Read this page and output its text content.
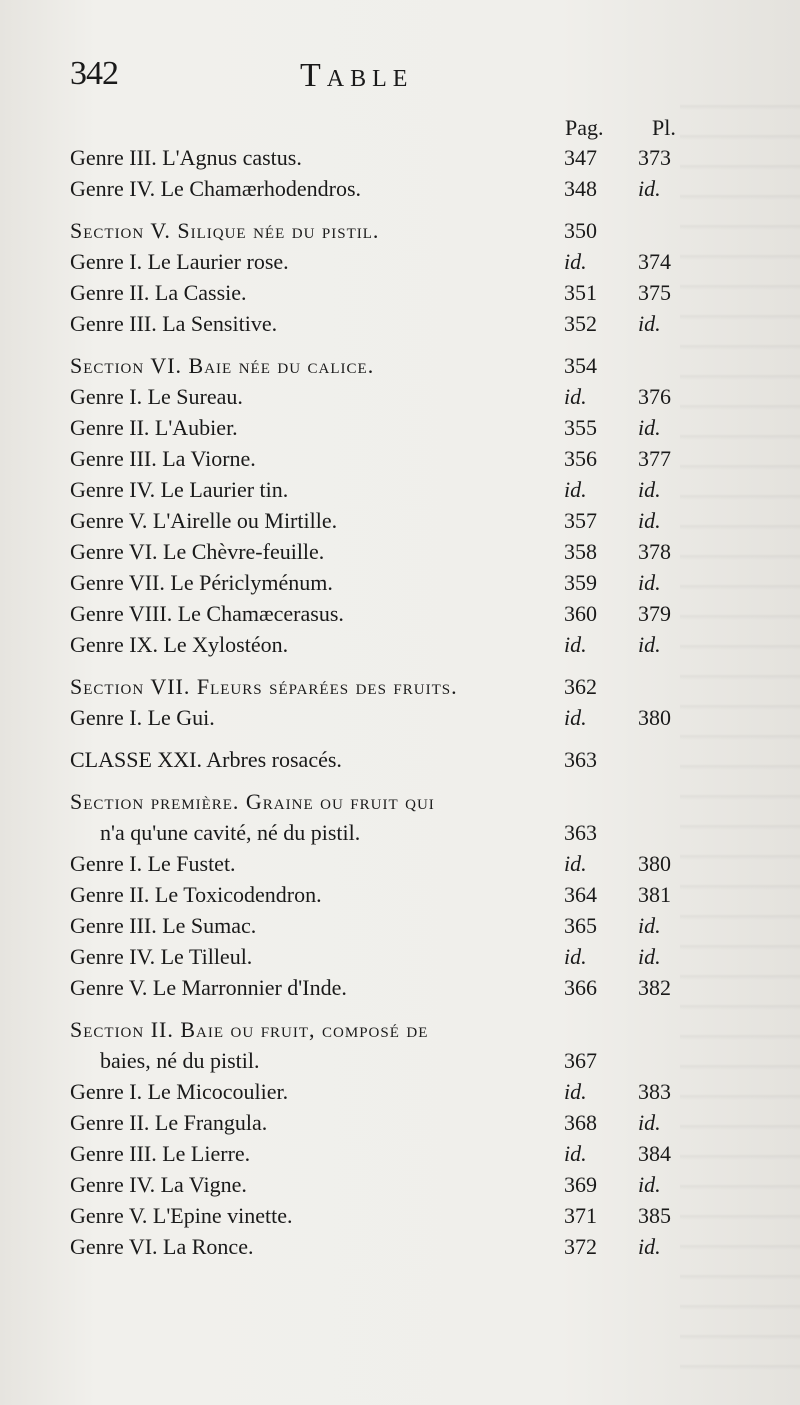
342	Table
Pag. Pl.
Genre III. L'Agnus castus.	347	373
Genre IV. Le Chamærhodendros.	348	id.
Section V. Silique née du pistil.	350
Genre I. Le Laurier rose.	id.	374
Genre II. La Cassie.	351	375
Genre III. La Sensitive.	352	id.
Section VI. Baie née du calice.	354
Genre I. Le Sureau.	id.	376
Genre II. L'Aubier.	355	id.
Genre III. La Viorne.	356	377
Genre IV. Le Laurier tin.	id.	id.
Genre V. L'Airelle ou Mirtille.	357	id.
Genre VI. Le Chèvre-feuille.	358	378
Genre VII. Le Périclyménum.	359	id.
Genre VIII. Le Chamæcerasus.	360	379
Genre IX. Le Xylostéon.	id.	id.
Section VII. Fleurs séparées des fruits.	362
Genre I. Le Gui.	id.	380
CLASSE XXI. Arbres rosacés.	363
Section première. Graine ou fruit qui
n'a qu'une cavité, né du pistil.	363
Genre I. Le Fustet.	id.	380
Genre II. Le Toxicodendron.	364	381
Genre III. Le Sumac.	365	id.
Genre IV. Le Tilleul.	id.	id.
Genre V. Le Marronnier d'Inde.	366	382
Section II. Baie ou fruit, composé de
baies, né du pistil.	367
Genre I. Le Micocoulier.	id.	383
Genre II. Le Frangula.	368	id.
Genre III. Le Lierre.	id.	384
Genre IV. La Vigne.	369	id.
Genre V. L'Epine vinette.	371	385
Genre VI. La Ronce.	372	id.
